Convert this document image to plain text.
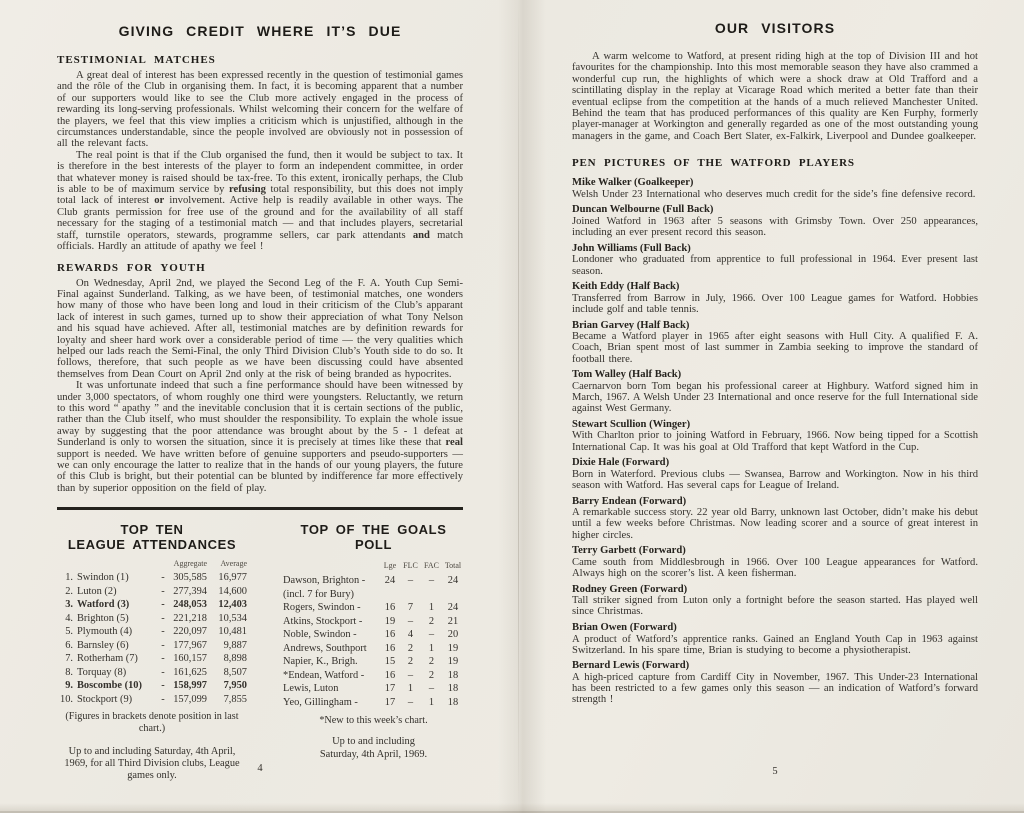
GIVING CREDIT WHERE IT’S DUE
TESTIMONIAL MATCHES

A great deal of interest has been expressed recently in the question of testimonial games and the rôle of the Club in organising them. In fact, it is becoming apparent that a number of our supporters would like to see the Club more actively engaged in the process of rewarding its long-serving professionals. Whilst welcoming their concern for the welfare of the players, we feel that this view implies a criticism which is unjustified, although in the circumstances understandable, since the people involved are obviously not in possession of all the relevant facts.

The real point is that if the Club organised the fund, then it would be subject to tax. It is therefore in the best interests of the player to form an independent committee, in order that whatever money is raised should be tax-free. To this extent, ironically perhaps, the Club is able to be of maximum service by refusing total responsibility, but this does not imply total lack of interest or involvement. Active help is readily available in other ways. The Club grants permission for free use of the ground and for the availability of all staff necessary for the staging of a testimonial match — and that includes players, secretarial staff, turnstile operators, stewards, programme sellers, car park attendants and match officials. Hardly an attitude of apathy we feel !

REWARDS FOR YOUTH

On Wednesday, April 2nd, we played the Second Leg of the F. A. Youth Cup Semi-Final against Sunderland. Talking, as we have been, of testimonial matches, one wonders how many of those who have been long and loud in their criticism of the Club’s apparant lack of interest in such games, turned up to show their appreciation of what Tony Nelson and his squad have achieved. After all, testimonial matches are by definition rewards for loyalty and sheer hard work over a considerable period of time — the very qualities which helped our lads reach the Semi-Final, the only Third Division Club’s Youth side to do so. It follows, therefore, that such people as we have been discussing could have absented themselves from Dean Court on April 2nd only at the risk of being branded as hypocrites.

It was unfortunate indeed that such a fine performance should have been witnessed by under 3,000 spectators, of whom roughly one third were youngsters. Reluctantly, we return to this word “ apathy ” and the inevitable conclusion that it is certain sections of the public, rather than the Club itself, who must shoulder the responsibility. To explain the whole issue away by suggesting that the poor attendance was brought about by the 5 - 1 defeat at Sunderland is only to worsen the situation, since it is precisely at times like these that real support is needed. We have written before of genuine supporters and pseudo-supporters — we can only encourage the latter to realize that in the hands of our young players, the future of this Club is bright, but their potential can be blunted by indifference far more effectively than by superior opposition on the field of play.

TOP TEN
LEAGUE ATTENDANCES
Aggregate	Average
1. Swindon (1)	- 305,585	16,977
2. Luton (2)	- 277,394	14,600
3. Watford (3)	- 248,053	12,403
4. Brighton (5)	- 221,218	10,534
5. Plymouth (4)	- 220,097	10,481
6. Barnsley (6)	- 177,967	9,887
7. Rotherham (7)	- 160,157	8,898
8. Torquay (8)	- 161,625	8,507
9. Boscombe (10)	- 158,997	7,950
10. Stockport (9)	- 157,099	7,855
(Figures in brackets denote position in last chart.)
Up to and including Saturday, 4th April, 1969, for all Third Division clubs, League games only.
TOP OF THE GOALS POLL
Lge FLC FAC Total
Dawson, Brighton -
(incl. 7 for Bury)
24	–	–	24
Rogers, Swindon -	16	7	1	24
Atkins, Stockport -	19	–	2	21
Noble, Swindon -	16	4	–	20
Andrews, Southport	16	2	1	19
Napier, K., Brigh.	15	2	2	19
*Endean, Watford -	16	–	2	18
Lewis, Luton	17	1	–	18
Yeo, Gillingham -	17	–	1	18
*New to this week’s chart.
Up to and including
Saturday, 4th April, 1969.
4
OUR VISITORS

A warm welcome to Watford, at present riding high at the top of Division III and hot favourites for the championship. Into this most memorable season they have also crammed a wonderful cup run, the highlights of which were a shock draw at Old Trafford and a scintillating display in the replay at Vicarage Road which merited a better fate than their eventual eclipse from the competition at the hands of a much relieved Manchester United. Behind the team that has produced performances of this quality are Ken Furphy, formerly player-manager at Workington and generally regarded as one of the most outstanding young managers in the game, and Coach Bert Slater, ex-Falkirk, Liverpool and Dundee goalkeeper.

PEN PICTURES OF THE WATFORD PLAYERS
Mike Walker (Goalkeeper)

Welsh Under 23 International who deserves much credit for the side’s fine defensive record.

Duncan Welbourne (Full Back)

Joined Watford in 1963 after 5 seasons with Grimsby Town. Over 250 appearances, including an ever present record this season.

John Williams (Full Back)

Londoner who graduated from apprentice to full professional in 1964. Ever present last season.

Keith Eddy (Half Back)

Transferred from Barrow in July, 1966. Over 100 League games for Watford. Hobbies include golf and table tennis.

Brian Garvey (Half Back)

Became a Watford player in 1965 after eight seasons with Hull City. A qualified F. A. Coach, Brian spent most of last summer in Zambia seeking to improve the standard of football there.

Tom Walley (Half Back)

Caernarvon born Tom began his professional career at Highbury. Watford signed him in March, 1967. A Welsh Under 23 International and once reserve for the full International side against West Germany.

Stewart Scullion (Winger)

With Charlton prior to joining Watford in February, 1966. Now being tipped for a Scottish International Cap. It was his goal at Old Trafford that kept Watford in the Cup.

Dixie Hale (Forward)

Born in Waterford. Previous clubs — Swansea, Barrow and Workington. Now in his third season with Watford. Has several caps for League of Ireland.

Barry Endean (Forward)

A remarkable success story. 22 year old Barry, unknown last October, didn’t make his debut until a few weeks before Christmas. Now leading scorer and a source of great interest in higher circles.

Terry Garbett (Forward)

Came south from Middlesbrough in 1966. Over 100 League appearances for Watford. Always high on the scorer’s list. A keen fisherman.

Rodney Green (Forward)

Tall striker signed from Luton only a fortnight before the season started. Has played well since Christmas.

Brian Owen (Forward)

A product of Watford’s apprentice ranks. Gained an England Youth Cap in 1963 against Switzerland. In his spare time, Brian is studying to become a physiotherapist.

Bernard Lewis (Forward)

A high-priced capture from Cardiff City in November, 1967. This Under-23 International has been restricted to a few games only this season — an indication of Watford’s forward strength !

5
